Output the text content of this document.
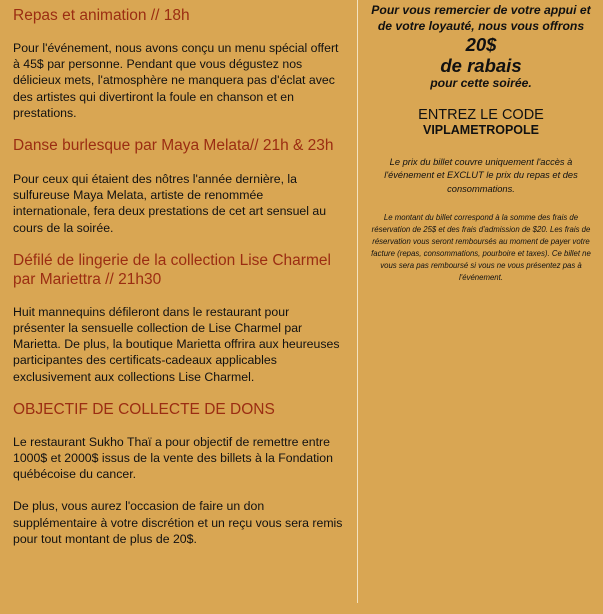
Repas et animation // 18h

Pour l'événement, nous avons conçu un menu spécial offert à 45$ par personne. Pendant que vous dégustez nos délicieux mets, l'atmosphère ne manquera pas d'éclat avec des artistes qui divertiront la foule en chanson et en prestations.

Danse burlesque par Maya Melata// 21h & 23h

Pour ceux qui étaient des nôtres l'année dernière, la sulfureuse Maya Melata, artiste de renommée internationale, fera deux prestations de cet art sensuel au cours de la soirée.

Défilé de lingerie de la collection Lise Charmel par Mariettra // 21h30

Huit mannequins défileront dans le restaurant pour présenter la sensuelle collection de Lise Charmel par Marietta. De plus, la boutique Marietta offrira aux heureuses participantes des certificats-cadeaux applicables exclusivement aux collections Lise Charmel.

OBJECTIF DE COLLECTE DE DONS

Le restaurant Sukho Thaï a pour objectif de remettre entre 1000$ et 2000$ issus de la vente des billets à la Fondation québécoise du cancer.

De plus, vous aurez l'occasion de faire un don supplémentaire à votre discrétion et un reçu vous sera remis pour tout montant de plus de 20$.

Pour vous remercier de votre appui et de votre loyauté, nous vous offrons
20$
de rabais
pour cette soirée.
ENTREZ LE CODE
VIPLAMETROPOLE
Le prix du billet couvre uniquement l'accès à l'événement et EXCLUT le prix du repas et des consommations.
Le montant du billet correspond à la somme des frais de réservation de 25$ et des frais d'admission de $20. Les frais de réservation vous seront remboursés au moment de payer votre facture (repas, consommations, pourboire et taxes). Ce billet ne vous sera pas remboursé si vous ne vous présentez pas à l'événement.
